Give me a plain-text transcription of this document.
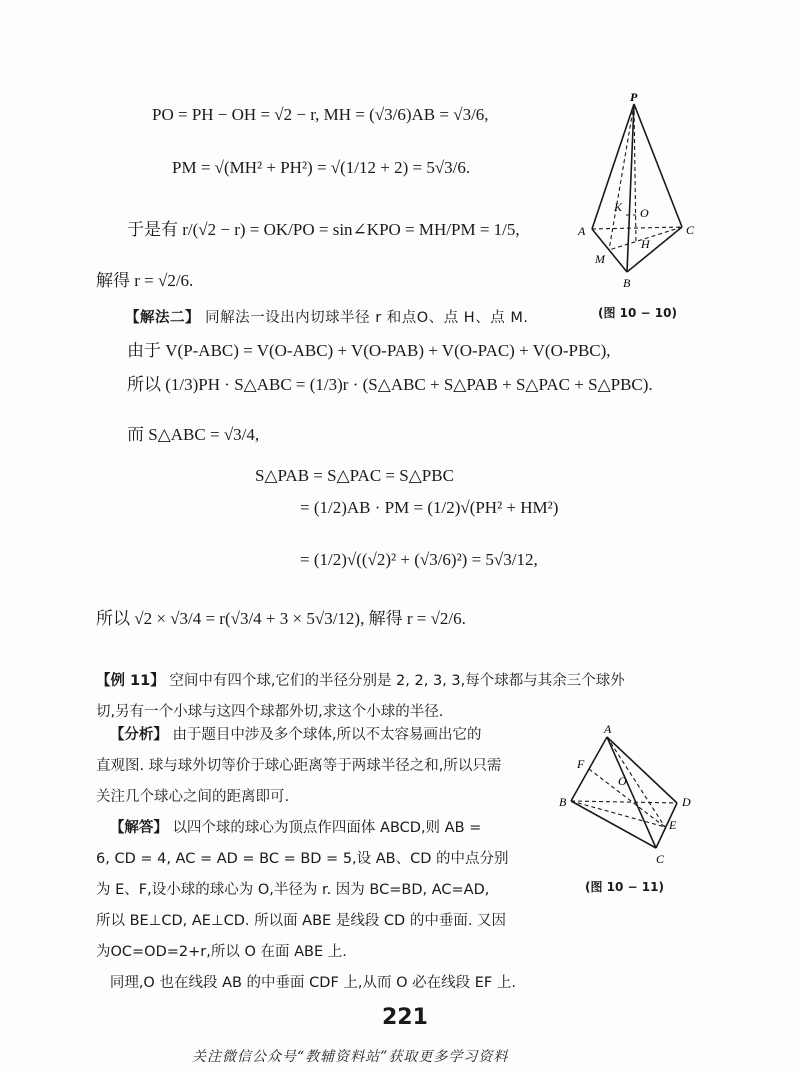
PO = PH − OH = √2 − r, MH = (√3/6)AB = √3/6,
PM = √(MH² + PH²) = √(1/12 + 2) = 5√3/6.
于是有 r/(√2 − r) = OK/PO = sin∠KPO = MH/PM = 1/5,
解得 r = √2/6.
【解法二】 同解法一设出内切球半径 r 和点O、点 H、点 M.
由于 V(P-ABC) = V(O-ABC) + V(O-PAB) + V(O-PAC) + V(O-PBC),
所以 (1/3)PH · S△ABC = (1/3)r · (S△ABC + S△PAB + S△PAC + S△PBC).
而 S△ABC = √3/4,
S△PAB = S△PAC = S△PBC
= (1/2)AB · PM = (1/2)√(PH² + HM²)
= (1/2)√((√2)² + (√3/6)²) = 5√3/12,
所以 √2 × √3/4 = r(√3/4 + 3 × 5√3/12), 解得 r = √2/6.

【例 11】 空间中有四个球,它们的半径分别是 2, 2, 3, 3,每个球都与其余三个球外

切,另有一个小球与这四个球都外切,求这个小球的半径.

【分析】 由于题目中涉及多个球体,所以不太容易画出它的

直观图. 球与球外切等价于球心距离等于两球半径之和,所以只需

关注几个球心之间的距离即可.

【解答】 以四个球的球心为顶点作四面体 ABCD,则 AB =

6, CD = 4, AC = AD = BC = BD = 5,设 AB、CD 的中点分别

为 E、F,设小球的球心为 O,半径为 r. 因为 BC=BD, AC=AD,

所以 BE⊥CD, AE⊥CD. 所以面 ABE 是线段 CD 的中垂面. 又因

为OC=OD=2+r,所以 O 在面 ABE 上.

同理,O 也在线段 AB 的中垂面 CDF 上,从而 O 必在线段 EF 上.

P
K O
A	C
H
M
B
(图 10 − 10)
A
F
O
B	D
E
C
(图 10 − 11)
221
关注微信公众号“教辅资料站”获取更多学习资料
